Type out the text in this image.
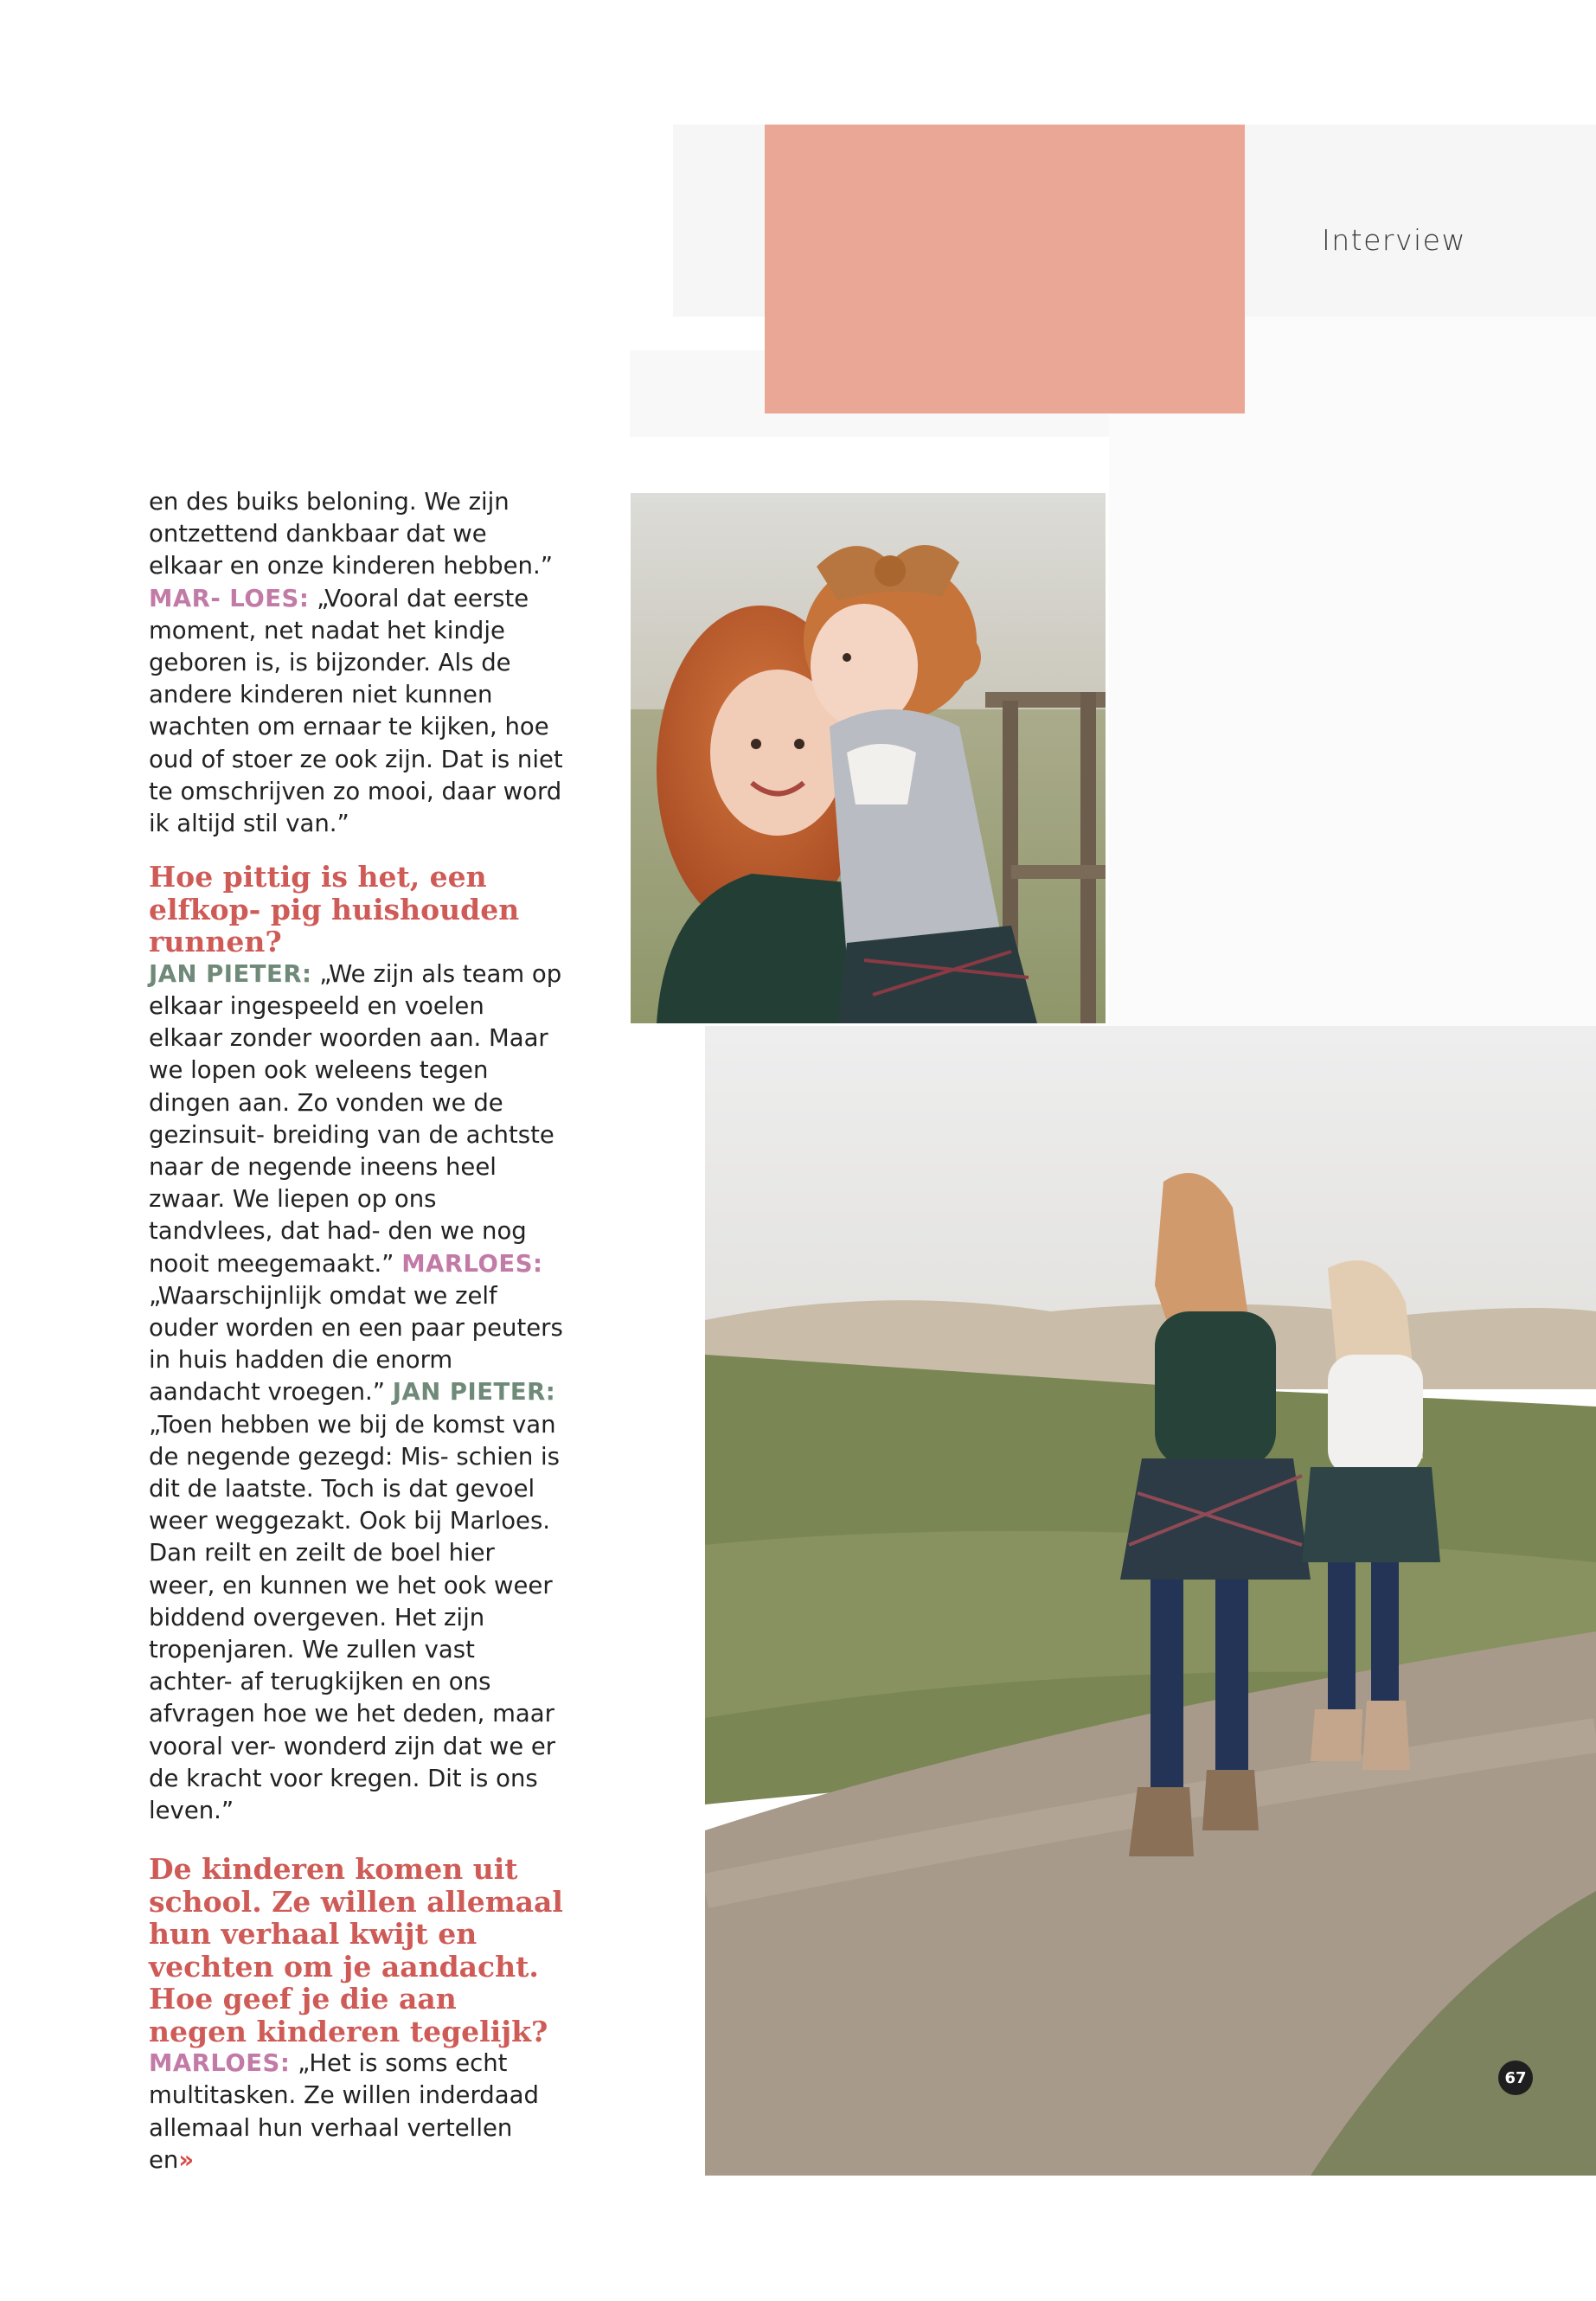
Interview

en des buiks beloning. We zijn ontzettend dankbaar dat we elkaar en onze kinderen hebben.” MAR- LOES: „Vooral dat eerste moment, net nadat het kindje geboren is, is bijzonder. Als de andere kinderen niet kunnen wachten om ernaar te kijken, hoe oud of stoer ze ook zijn. Dat is niet te omschrijven zo mooi, daar word ik altijd stil van.”

Hoe pittig is het, een elfkop- pig huishouden runnen?

JAN PIETER: „We zijn als team op elkaar ingespeeld en voelen elkaar zonder woorden aan. Maar we lopen ook weleens tegen dingen aan. Zo vonden we de gezinsuit- breiding van de achtste naar de negende ineens heel zwaar. We liepen op ons tandvlees, dat had- den we nog nooit meegemaakt.” MARLOES: „Waarschijnlijk omdat we zelf ouder worden en een paar peuters in huis hadden die enorm aandacht vroegen.” JAN PIETER: „Toen hebben we bij de komst van de negende gezegd: Mis- schien is dit de laatste. Toch is dat gevoel weer weggezakt. Ook bij Marloes. Dan reilt en zeilt de boel hier weer, en kunnen we het ook weer biddend overgeven. Het zijn tropenjaren. We zullen vast achter- af terugkijken en ons afvragen hoe we het deden, maar vooral ver- wonderd zijn dat we er de kracht voor kregen. Dit is ons leven.”

De kinderen komen uit school. Ze willen allemaal hun verhaal kwijt en vechten om je aandacht. Hoe geef je die aan negen kinderen tegelijk?

MARLOES: „Het is soms echt multitasken. Ze willen inderdaad allemaal hun verhaal vertellen en»

67
